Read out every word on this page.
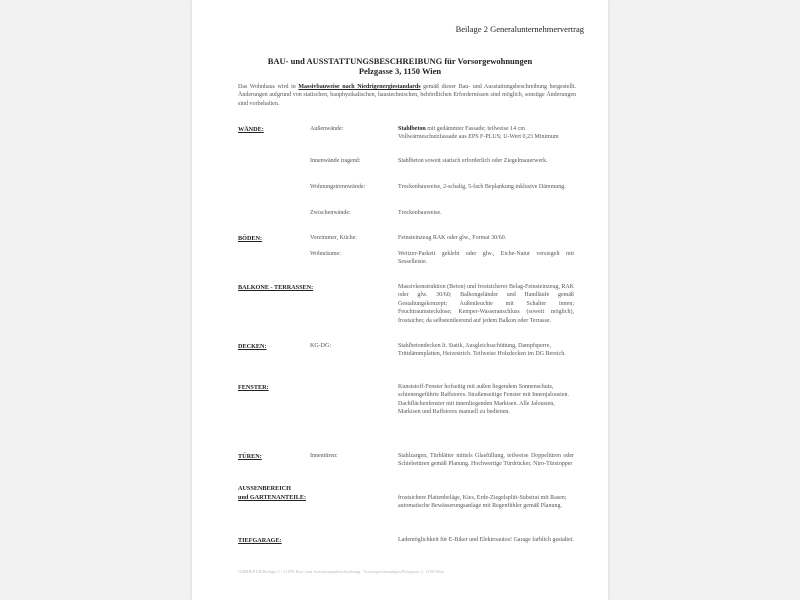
Beilage 2 Generalunternehmervertrag
BAU- und AUSSTATTUNGSBESCHREIBUNG für Vorsorgewohnungen
Pelzgasse 3, 1150 Wien
Das Wohnhaus wird in Massivbauweise nach Niedrigenergiestandards gemäß dieser Bau- und Ausstattungsbeschreibung hergestellt. Änderungen aufgrund von statischen, bauphysikalischen, haustechnischen, behördlichen Erfordernissen sind möglich, sonstige Änderungen sind vorbehalten.
WÄNDE:	Außenwände:	Stahlbeton mit gedämmter Fassade; teilweise 14 cm Vollwärmeschutzfassade aus EPS F-PLUS; U-Wert 0,23 Minimum
Innenwände tragend:	Stahlbeton soweit statisch erforderlich oder Ziegelmauerwerk.
Wohnungstrennwände:	Trockenbauweise, 2-schalig, 5-fach Beplankung inklusive Dämmung.
Zwischenwände:	Trockenbauweise.
BÖDEN:	Vorzimmer, Küche:	Feinsteinzeug RAK oder glw., Format 30/60.
Wohnräume:	Weitzer-Parkett geklebt oder glw., Eiche-Natur versiegelt mit Sesselleiste.
BALKONE - TERRASSEN:	Massivkonstruktion (Beton) und frostsicherer Belag-Feinsteinzeug, RAK oder glw. 30/60; Balkongeländer und Handläufe gemäß Gestaltungskonzept; Außenleuchte mit Schalter innen; Feuchtraumsteckdose; Kemper-Wasseranschluss (soweit möglich), frostsicher, da selbstentleerend auf jedem Balkon oder Terrasse.
DECKEN:	KG-DG:	Stahlbetondecken lt. Statik, Ausgleichsschüttung, Dampfsperre, Trittdämmplatten, Heizestrich. Teilweise Holzdecken im DG Bereich.
FENSTER:	Kunststoff-Fenster hofseitig mit außen liegendem Sonnenschutz, schienengeführte Raffstores. Straßenseitige Fenster mit Innenjalousien. Dachflächenfenster mit innenliegenden Markisen. Alle Jalousien, Markisen und Raffstores manuell zu bedienen.
TÜREN:	Innentüren:	Stahlzargen, Türblätter mittels Glasfüllung, teilweise Doppeltüren oder Schiebetüren gemäß Planung. Hochwertige Türdrücker, Niro-Türstopper
AUSSENBEREICH
und GARTENANTEILE:	frostsichere Plattenbeläge, Kies, Erde-Ziegelsplitt-Substrat mit Rasen; automatische Bewässerungsanlage mit Regenfühler gemäß Planung.
TIEFGARAGE:	Lademöglichkeit für E-Biker und Elektroautos! Garage farblich gestaltet.
GMHB/ELB/Beilage 2 / 31878 Bau- und Ausstattungsbeschreibung / Vorsorgewohnungen Pelzgasse 3, 1150 Wien
